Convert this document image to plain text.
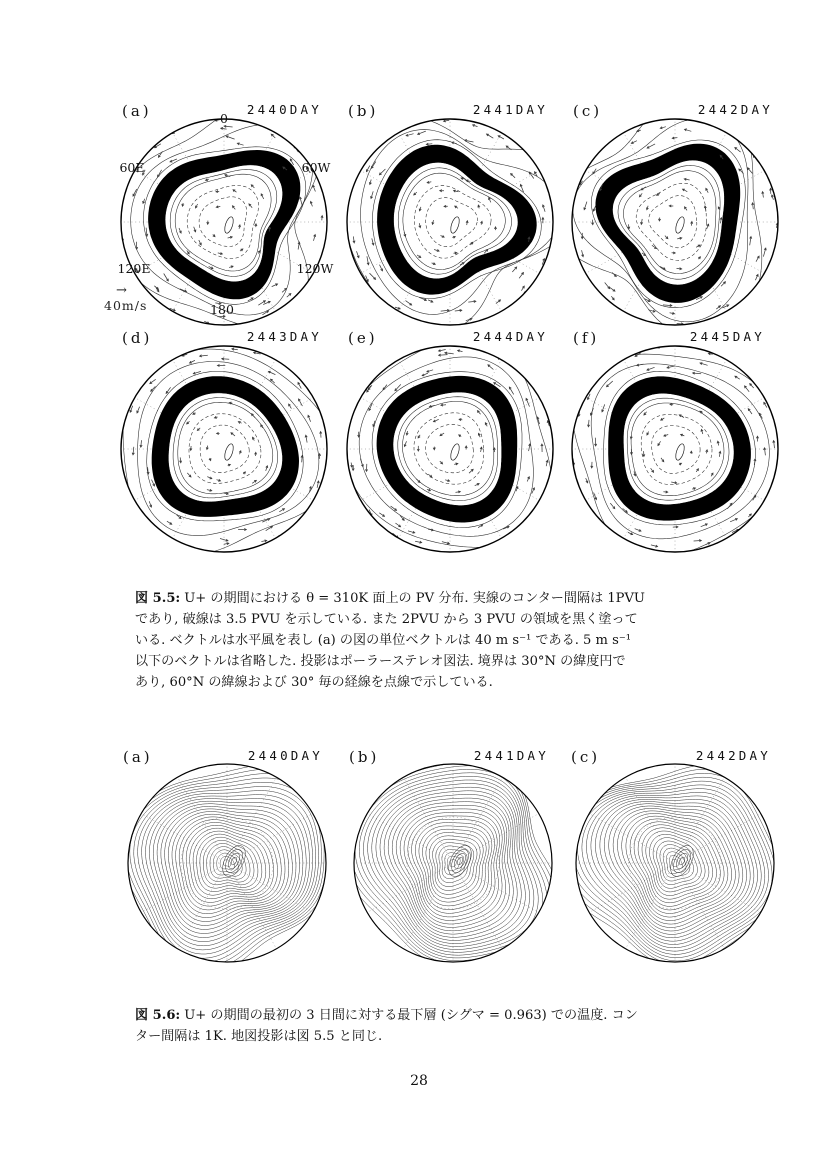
(a)	2440DAY
0
60E	60W
120E	120W
180
→
40m/s
(b)	2441DAY (c)	2442DAY
(d)	2443DAY (e)	2444DAY (f)	2445DAY
図 5.5: U+ の期間における θ = 310K 面上の PV 分布. 実線のコンター間隔は 1PVU
であり, 破線は 3.5 PVU を示している. また 2PVU から 3 PVU の領域を黒く塗って
いる. ベクトルは水平風を表し (a) の図の単位ベクトルは 40 m s⁻¹ である. 5 m s⁻¹
以下のベクトルは省略した. 投影はポーラーステレオ図法. 境界は 30°N の緯度円で
あり, 60°N の緯線および 30° 毎の経線を点線で示している.
(a)	2440DAY (b)	2441DAY (c)	2442DAY
図 5.6: U+ の期間の最初の 3 日間に対する最下層 (シグマ = 0.963) での温度. コン
ター間隔は 1K. 地図投影は図 5.5 と同じ.
28
